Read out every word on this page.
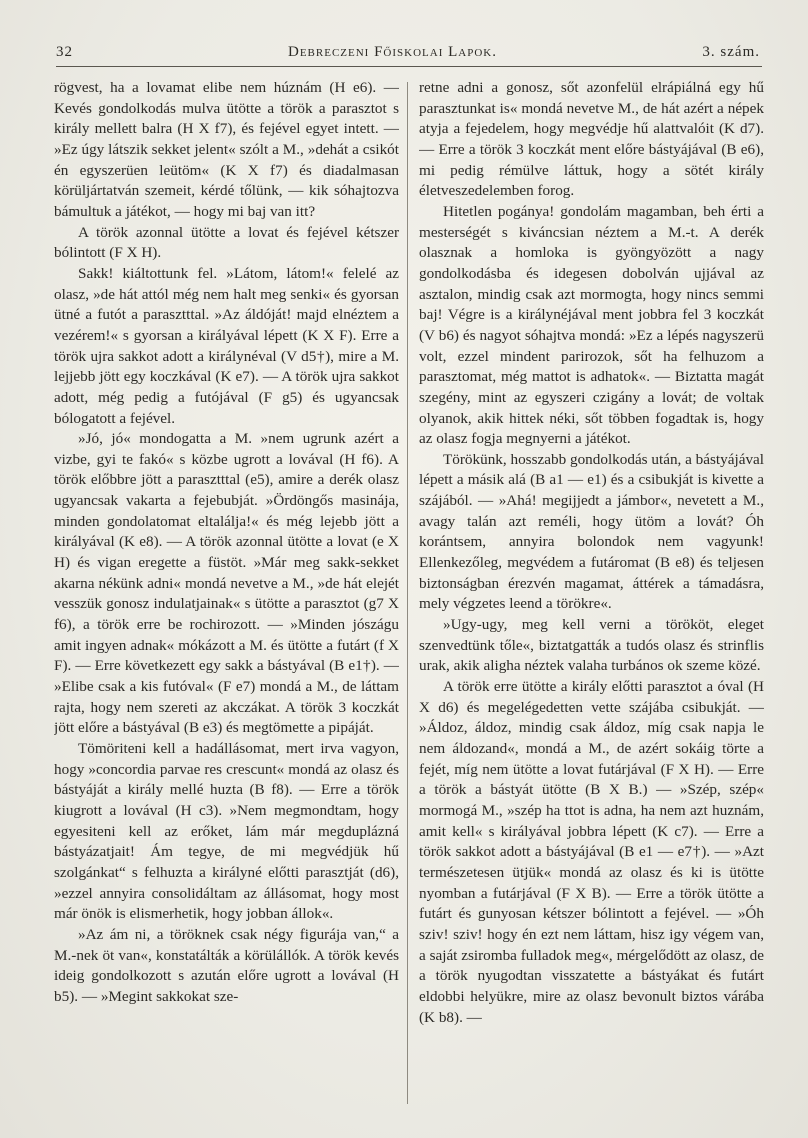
32	Debreczeni Főiskolai Lapok.	3. szám.

rögvest, ha a lovamat elibe nem húznám (H e6). — Kevés gondolkodás mulva ütötte a török a parasztot s király mellett balra (H X f7), és fejével egyet intett. — »Ez úgy látszik sekket jelent« szólt a M., »dehát a csikót én egyszerüen leütöm« (K X f7) és diadalmasan körüljártatván szemeit, kérdé tőlünk, — kik sóhajtozva bámultuk a játékot, — hogy mi baj van itt?

A török azonnal ütötte a lovat és fejével kétszer bólintott (F X H).

Sakk! kiáltottunk fel. »Látom, látom!« felelé az olasz, »de hát attól még nem halt meg senki« és gyorsan ütné a futót a parasztttal. »Az áldóját! majd elnéztem a vezérem!« s gyorsan a királyával lépett (K X F). Erre a török ujra sakkot adott a királynéval (V d5†), mire a M. lejjebb jött egy koczkával (K e7). — A török ujra sakkot adott, még pedig a futójával (F g5) és ugyancsak bólogatott a fejével.

»Jó, jó« mondogatta a M. »nem ugrunk azért a vizbe, gyi te fakó« s közbe ugrott a lovával (H f6). A török előbbre jött a parasztttal (e5), amire a derék olasz ugyancsak vakarta a fejebubját. »Ördöngős masinája, minden gondolatomat eltalálja!« és még lejebb jött a királyával (K e8). — A török azonnal ütötte a lovat (e X H) és vigan eregette a füstöt. »Már meg sakk-sekket akarna nékünk adni« mondá nevetve a M., »de hát elejét vesszük gonosz indulatjainak« s ütötte a parasztot (g7 X f6), a török erre be rochirozott. — »Minden jószágu amit ingyen adnak« mókázott a M. és ütötte a futárt (f X F). — Erre következett egy sakk a bástyával (B e1†). — »Elibe csak a kis futóval« (F e7) mondá a M., de láttam rajta, hogy nem szereti az akczákat. A török 3 koczkát jött előre a bástyával (B e3) és megtömette a pipáját.

Tömöriteni kell a hadállásomat, mert irva vagyon, hogy »concordia parvae res crescunt« mondá az olasz és bástyáját a király mellé huzta (B f8). — Erre a török kiugrott a lovával (H c3). »Nem megmondtam, hogy egyesiteni kell az erőket, lám már megduplázná bástyázatjait! Ám tegye, de mi megvédjük hű szolgánkat“ s felhuzta a királyné előtti parasztját (d6), »ezzel annyira consolidáltam az állásomat, hogy most már önök is elismerhetik, hogy jobban állok«.

»Az ám ni, a töröknek csak négy figurája van,“ a M.-nek öt van«, konstatálták a körülállók. A török kevés ideig gondolkozott s azután előre ugrott a lovával (H b5). — »Megint sakkokat sze-

retne adni a gonosz, sőt azonfelül elrápiálná egy hű parasztunkat is« mondá nevetve M., de hát azért a népek atyja a fejedelem, hogy megvédje hű alattvalóit (K d7). — Erre a török 3 koczkát ment előre bástyájával (B e6), mi pedig rémülve láttuk, hogy a sötét király életveszedelemben forog.

Hitetlen pogánya! gondolám magamban, beh érti a mesterségét s kiváncsian néztem a M.-t. A derék olasznak a homloka is gyöngyözött a nagy gondolkodásba és idegesen dobolván ujjával az asztalon, mindig csak azt mormogta, hogy nincs semmi baj! Végre is a királynéjával ment jobbra fel 3 koczkát (V b6) és nagyot sóhajtva mondá: »Ez a lépés nagyszerü volt, ezzel mindent parirozok, sőt ha felhuzom a parasztomat, még mattot is adhatok«. — Biztatta magát szegény, mint az egyszeri czigány a lovát; de voltak olyanok, akik hittek néki, sőt többen fogadtak is, hogy az olasz fogja megnyerni a játékot.

Törökünk, hosszabb gondolkodás után, a bástyájával lépett a másik alá (B a1 — e1) és a csibukját is kivette a szájából. — »Ahá! megijjedt a jámbor«, nevetett a M., avagy talán azt reméli, hogy ütöm a lovát? Óh korántsem, annyira bolondok nem vagyunk! Ellenkezőleg, megvédem a futáromat (B e8) és teljesen biztonságban érezvén magamat, áttérek a támadásra, mely végzetes leend a törökre«.

»Ugy-ugy, meg kell verni a törököt, eleget szenvedtünk tőle«, biztatgatták a tudós olasz és strinflis urak, akik aligha néztek valaha turbános ok szeme közé.

A török erre ütötte a király előtti parasztot a óval (H X d6) és megelégedetten vette szájába csibukját. — »Áldoz, áldoz, mindig csak áldoz, míg csak napja le nem áldozand«, mondá a M., de azért sokáig törte a fejét, míg nem ütötte a lovat futárjával (F X H). — Erre a török a bástyát ütötte (B X B.) — »Szép, szép« mormogá M., »szép ha ttot is adna, ha nem azt huznám, amit kell« s királyával jobbra lépett (K c7). — Erre a török sakkot adott a bástyájával (B e1 — e7†). — »Azt természetesen ütjük« mondá az olasz és ki is ütötte nyomban a futárjával (F X B). — Erre a török ütötte a futárt és gunyosan kétszer bólintott a fejével. — »Óh sziv! sziv! hogy én ezt nem láttam, hisz igy végem van, a saját zsiromba fulladok meg«, mérgelődött az olasz, de a török nyugodtan visszatette a bástyákat és futárt eldobbi helyükre, mire az olasz bevonult biztos várába (K b8). —
